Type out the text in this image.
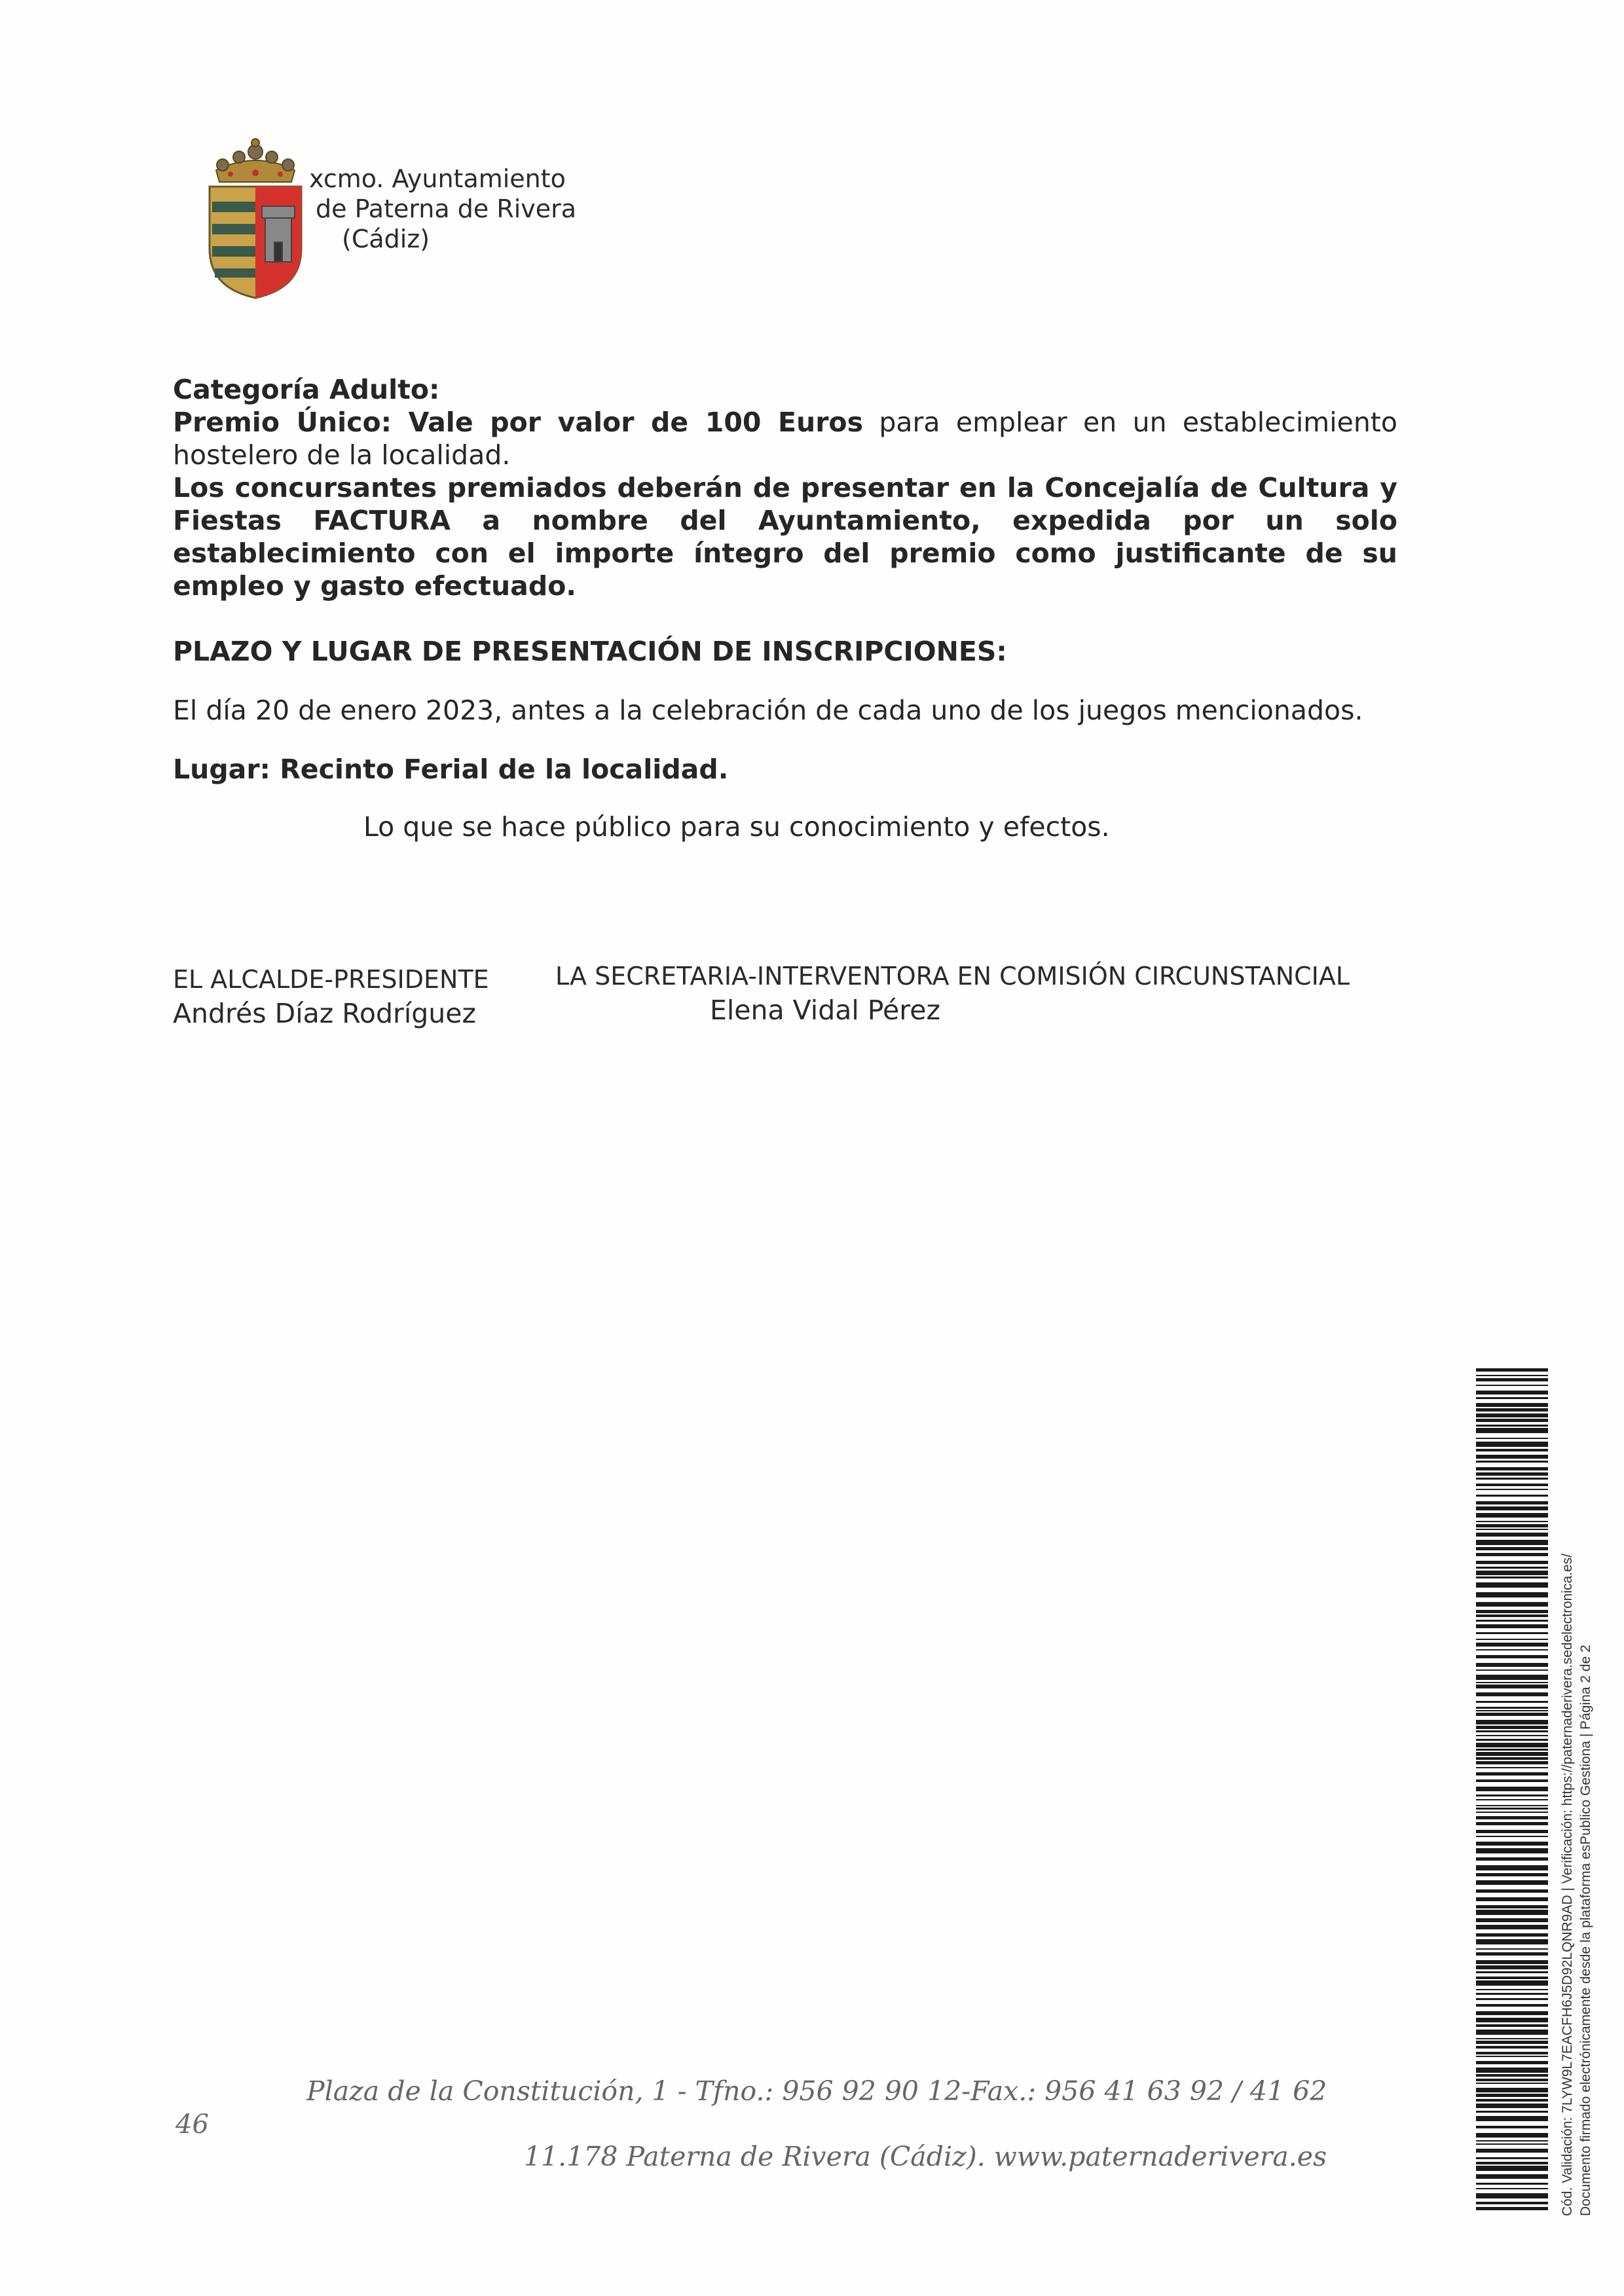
xcmo. Ayuntamiento
de Paterna de Rivera
(Cádiz)

Categoría Adulto:

Premio Único: Vale por valor de 100 Euros para emplear en un establecimiento hostelero de la localidad.

Los concursantes premiados deberán de presentar en la Concejalía de Cultura y Fiestas FACTURA a nombre del Ayuntamiento, expedida por un solo establecimiento con el importe íntegro del premio como justificante de su empleo y gasto efectuado.

PLAZO Y LUGAR DE PRESENTACIÓN DE INSCRIPCIONES:

El día 20 de enero 2023, antes a la celebración de cada uno de los juegos mencionados.

Lugar: Recinto Ferial de la localidad.

Lo que se hace público para su conocimiento y efectos.

EL ALCALDE-PRESIDENTE
Andrés Díaz Rodríguez
LA SECRETARIA-INTERVENTORA EN COMISIÓN CIRCUNSTANCIAL
Elena Vidal Pérez
46
Plaza de la Constitución, 1 - Tfno.: 956 92 90 12-Fax.: 956 41 63 92 / 41 62
11.178 Paterna de Rivera (Cádiz). www.paternaderivera.es	Cód. Validación: 7LYW9L7EACFH6J5D92LQNR9AD | Verificación: https://paternaderivera.sedelectronica.es/ Documento firmado electrónicamente desde la plataforma esPublico Gestiona | Página 2 de 2
